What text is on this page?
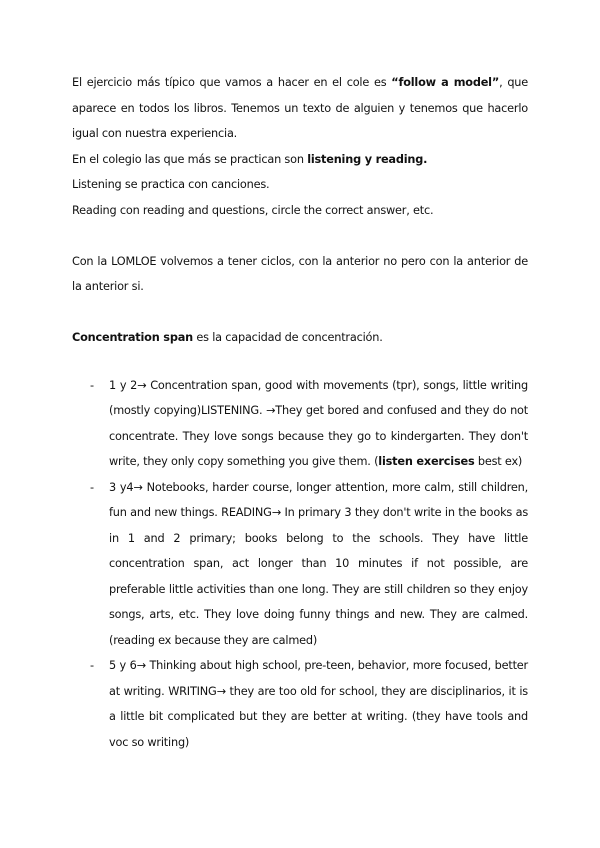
El ejercicio más típico que vamos a hacer en el cole es “follow a model”, que aparece en todos los libros. Tenemos un texto de alguien y tenemos que hacerlo igual con nuestra experiencia.

En el colegio las que más se practican son listening y reading.

Listening se practica con canciones.

Reading con reading and questions, circle the correct answer, etc.

Con la LOMLOE volvemos a tener ciclos, con la anterior no pero con la anterior de la anterior si.

Concentration span es la capacidad de concentración.

- 1 y 2→ Concentration span, good with movements (tpr), songs, little writing (mostly copying)LISTENING. →They get bored and confused and they do not concentrate. They love songs because they go to kindergarten. They don't write, they only copy something you give them. (listen exercises best ex)
- 3 y4→ Notebooks, harder course, longer attention, more calm, still children, fun and new things. READING→ In primary 3 they don't write in the books as in 1 and 2 primary; books belong to the schools. They have little concentration span, act longer than 10 minutes if not possible, are preferable little activities than one long. They are still children so they enjoy songs, arts, etc. They love doing funny things and new. They are calmed. (reading ex because they are calmed)
- 5 y 6→ Thinking about high school, pre-teen, behavior, more focused, better at writing. WRITING→ they are too old for school, they are disciplinarios, it is a little bit complicated but they are better at writing. (they have tools and voc so writing)
